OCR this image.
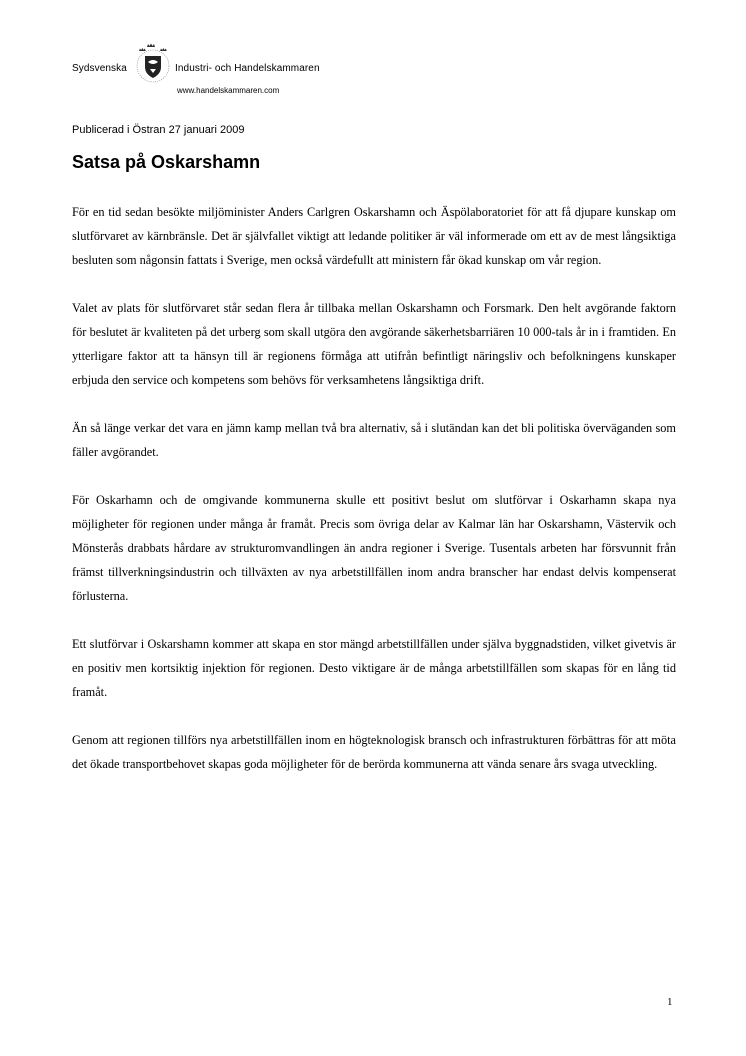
Sydsvenska	Industri- och Handelskammaren
www.handelskammaren.com
Publicerad i Östran 27 januari 2009
Satsa på Oskarshamn

För en tid sedan besökte miljöminister Anders Carlgren Oskarshamn och Äspölaboratoriet för att få djupare kunskap om slutförvaret av kärnbränsle. Det är självfallet viktigt att ledande politiker är väl informerade om ett av de mest långsiktiga besluten som någonsin fattats i Sverige, men också värdefullt att ministern får ökad kunskap om vår region.

Valet av plats för slutförvaret står sedan flera år tillbaka mellan Oskarshamn och Forsmark. Den helt avgörande faktorn för beslutet är kvaliteten på det urberg som skall utgöra den avgörande säkerhetsbarriären 10 000-tals år in i framtiden. En ytterligare faktor att ta hänsyn till är regionens förmåga att utifrån befintligt näringsliv och befolkningens kunskaper erbjuda den service och kompetens som behövs för verksamhetens långsiktiga drift.

Än så länge verkar det vara en jämn kamp mellan två bra alternativ, så i slutändan kan det bli politiska överväganden som fäller avgörandet.

För Oskarhamn och de omgivande kommunerna skulle ett positivt beslut om slutförvar i Oskarhamn skapa nya möjligheter för regionen under många år framåt. Precis som övriga delar av Kalmar län har Oskarshamn, Västervik och Mönsterås drabbats hårdare av strukturomvandlingen än andra regioner i Sverige. Tusentals arbeten har försvunnit från främst tillverkningsindustrin och tillväxten av nya arbetstillfällen inom andra branscher har endast delvis kompenserat förlusterna.

Ett slutförvar i Oskarshamn kommer att skapa en stor mängd arbetstillfällen under själva byggnadstiden, vilket givetvis är en positiv men kortsiktig injektion för regionen. Desto viktigare är de många arbetstillfällen som skapas för en lång tid framåt.

Genom att regionen tillförs nya arbetstillfällen inom en högteknologisk bransch och infrastrukturen förbättras för att möta det ökade transportbehovet skapas goda möjligheter för de berörda kommunerna att vända senare års svaga utveckling.

1
